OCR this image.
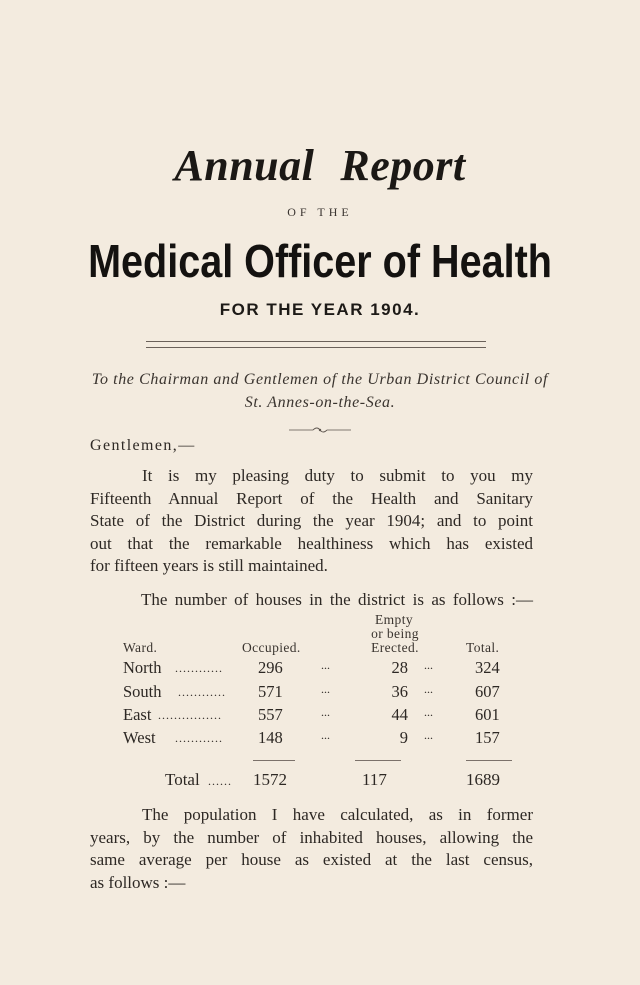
Annual Report
OF THE
Medical Officer of Health
FOR THE YEAR 1904.
To the Chairman and Gentlemen of the Urban District Council of
St. Annes-on-the-Sea.
Gentlemen,—
It is my pleasing duty to submit to you my
Fifteenth Annual Report of the Health and Sanitary
State of the District during the year 1904; and to point
out that the remarkable healthiness which has existed
for fifteen years is still maintained.
The number of houses in the district is as follows :—
Empty
or being
Ward.	Occupied.	Erected.	Total.
North ............ 296	...	28 ...	324
South ............ 571	...	36 ...	607
East ................ 557	...	44 ...	601
West ............ 148	...	9 ...	157
Total ...... 1572	117	1689
The population I have calculated, as in former
years, by the number of inhabited houses, allowing the
same average per house as existed at the last census,
as follows :—
